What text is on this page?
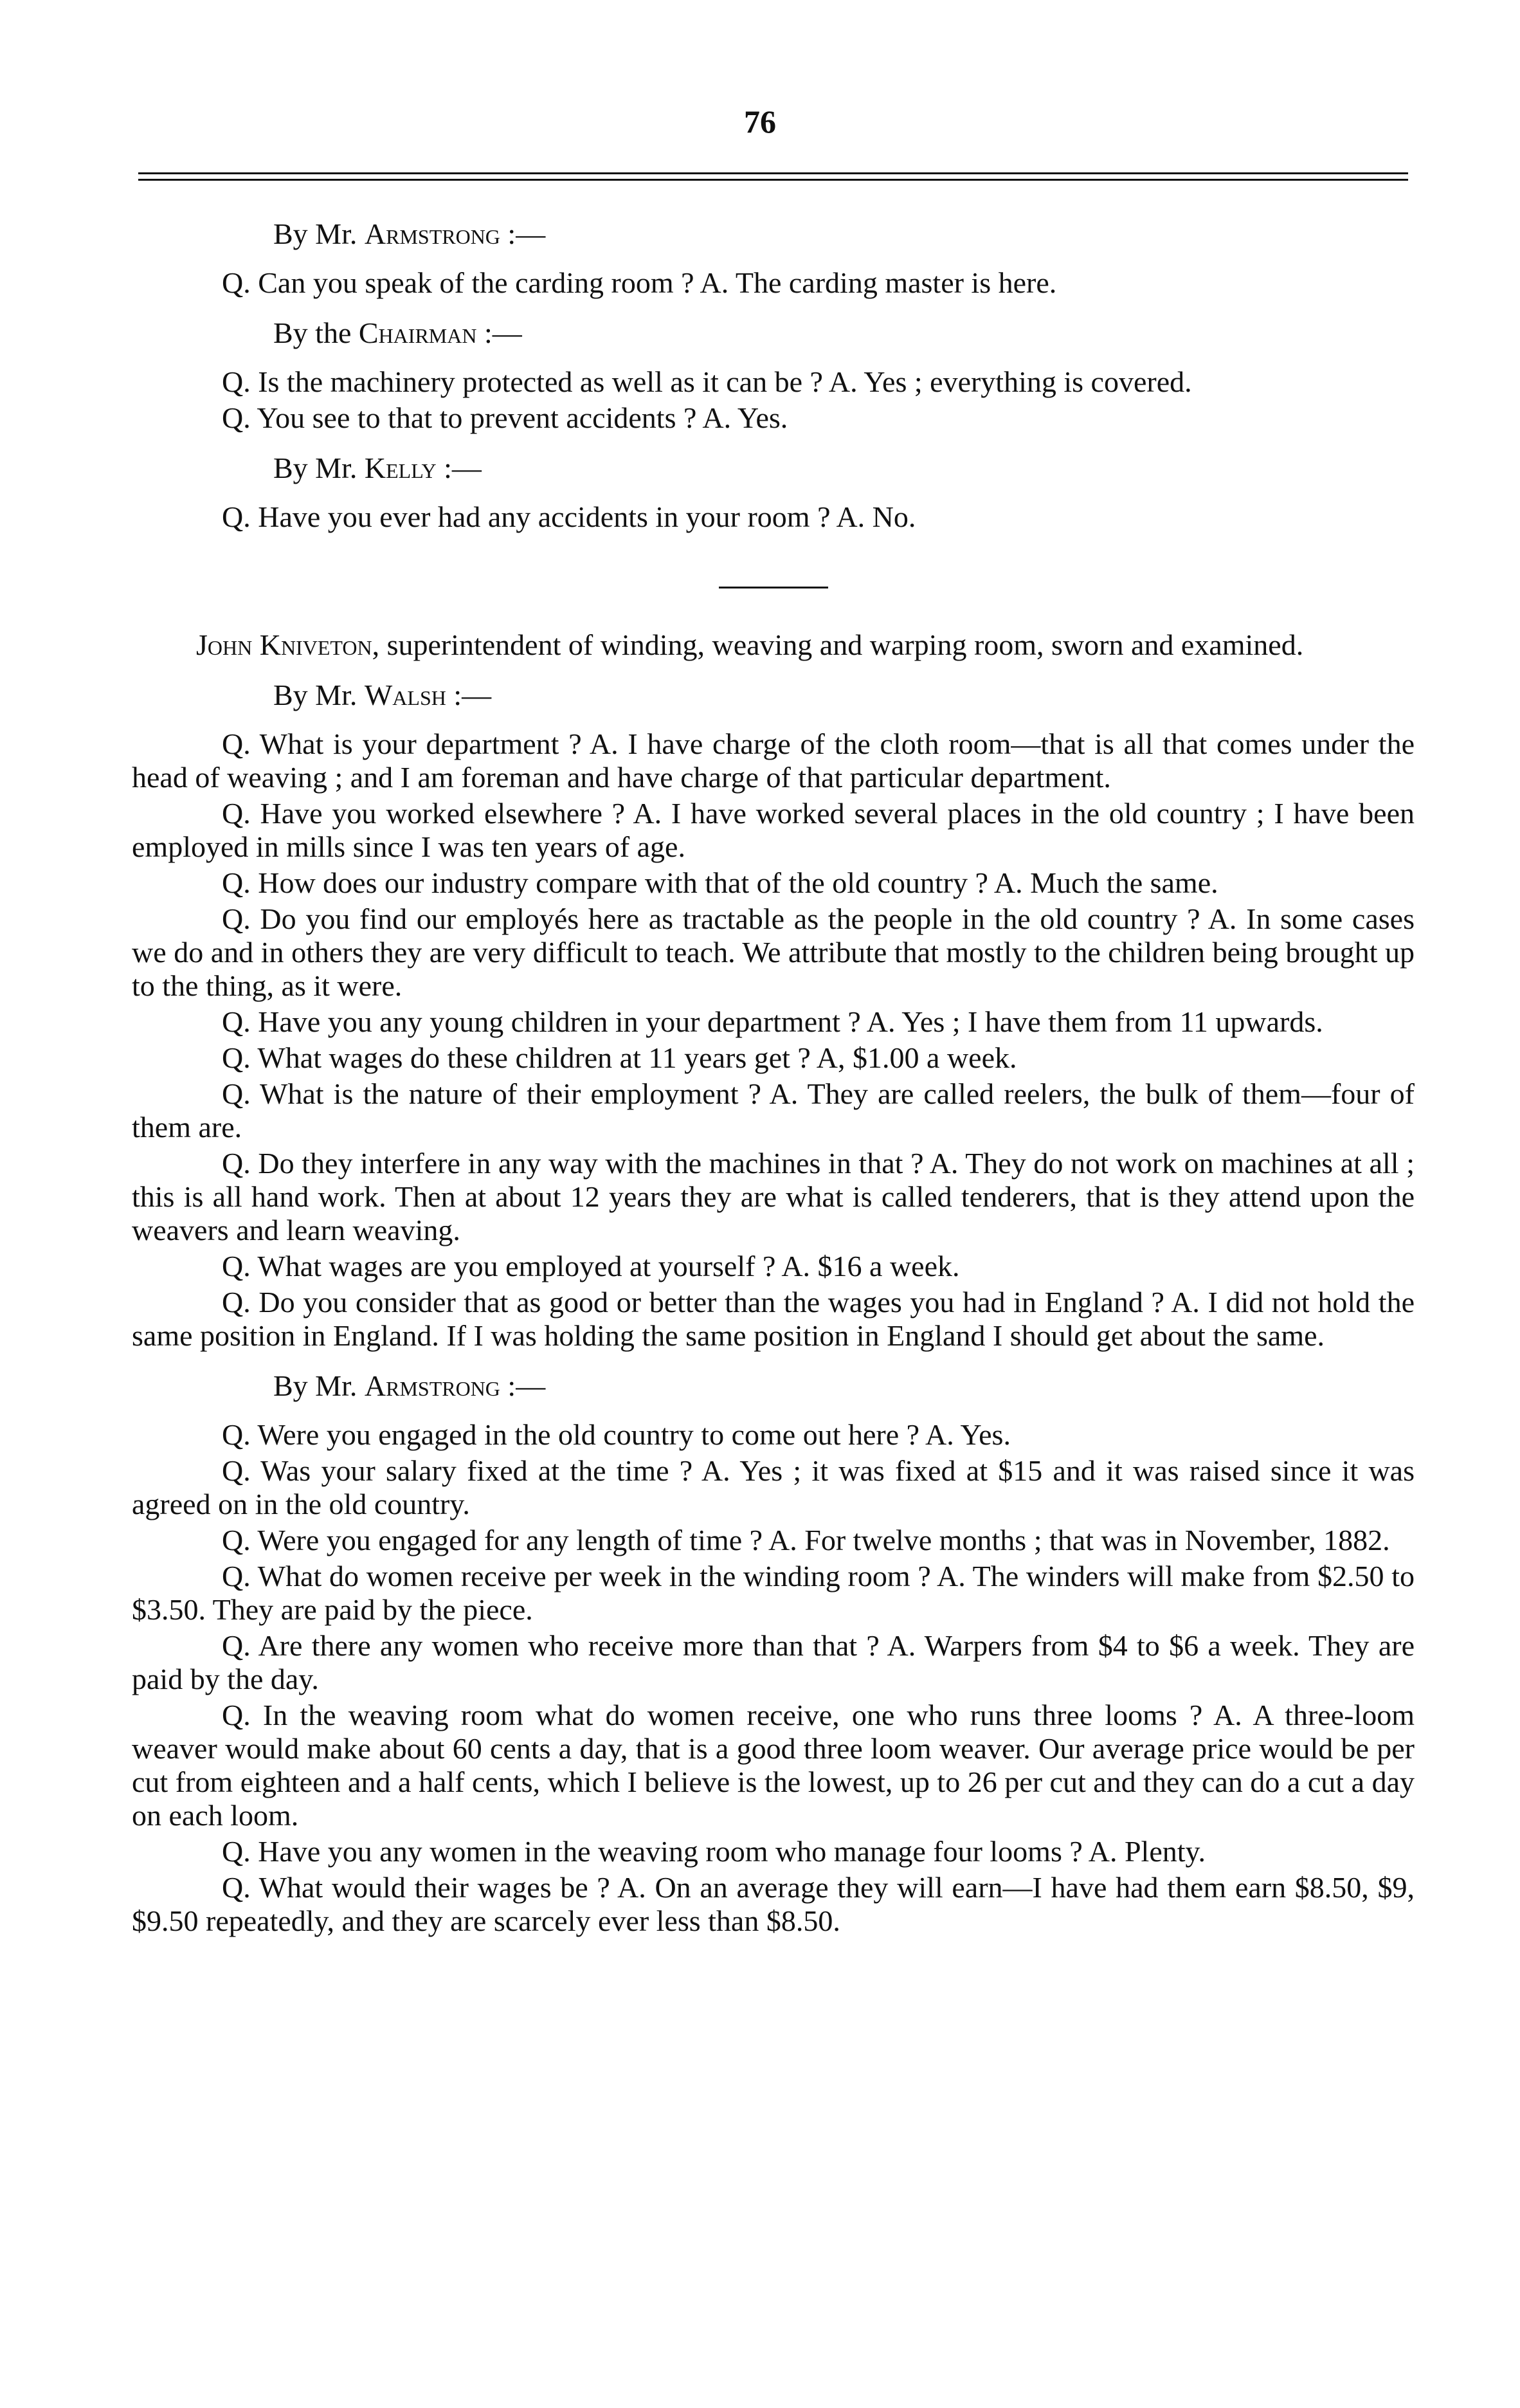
76

By Mr. Armstrong :—

Q. Can you speak of the carding room ? A. The carding master is here.

By the Chairman :—

Q. Is the machinery protected as well as it can be ? A. Yes ; everything is covered.

Q. You see to that to prevent accidents ? A. Yes.

By Mr. Kelly :—

Q. Have you ever had any accidents in your room ? A. No.

John Kniveton, superintendent of winding, weaving and warping room, sworn and examined.

By Mr. Walsh :—

Q. What is your department ? A. I have charge of the cloth room—that is all that comes under the head of weaving ; and I am foreman and have charge of that particular department.

Q. Have you worked elsewhere ? A. I have worked several places in the old country ; I have been employed in mills since I was ten years of age.

Q. How does our industry compare with that of the old country ? A. Much the same.

Q. Do you find our employés here as tractable as the people in the old country ? A. In some cases we do and in others they are very difficult to teach. We attribute that mostly to the children being brought up to the thing, as it were.

Q. Have you any young children in your department ? A. Yes ; I have them from 11 upwards.

Q. What wages do these children at 11 years get ? A, $1.00 a week.

Q. What is the nature of their employment ? A. They are called reelers, the bulk of them—four of them are.

Q. Do they interfere in any way with the machines in that ? A. They do not work on machines at all ; this is all hand work. Then at about 12 years they are what is called tenderers, that is they attend upon the weavers and learn weaving.

Q. What wages are you employed at yourself ? A. $16 a week.

Q. Do you consider that as good or better than the wages you had in England ? A. I did not hold the same position in England. If I was holding the same position in England I should get about the same.

By Mr. Armstrong :—

Q. Were you engaged in the old country to come out here ? A. Yes.

Q. Was your salary fixed at the time ? A. Yes ; it was fixed at $15 and it was raised since it was agreed on in the old country.

Q. Were you engaged for any length of time ? A. For twelve months ; that was in November, 1882.

Q. What do women receive per week in the winding room ? A. The winders will make from $2.50 to $3.50. They are paid by the piece.

Q. Are there any women who receive more than that ? A. Warpers from $4 to $6 a week. They are paid by the day.

Q. In the weaving room what do women receive, one who runs three looms ? A. A three-loom weaver would make about 60 cents a day, that is a good three loom weaver. Our average price would be per cut from eighteen and a half cents, which I believe is the lowest, up to 26 per cut and they can do a cut a day on each loom.

Q. Have you any women in the weaving room who manage four looms ? A. Plenty.

Q. What would their wages be ? A. On an average they will earn—I have had them earn $8.50, $9, $9.50 repeatedly, and they are scarcely ever less than $8.50.
